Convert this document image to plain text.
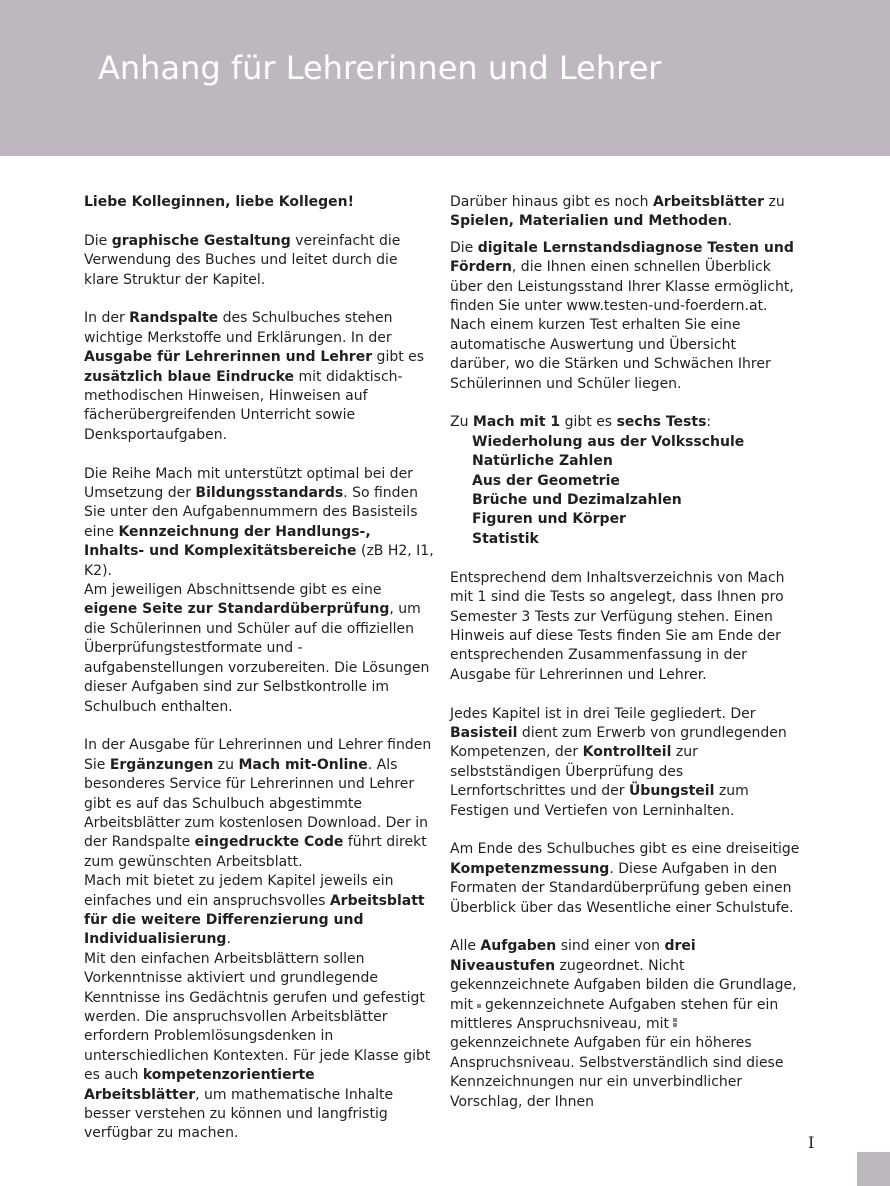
Anhang für Lehrerinnen und Lehrer

Liebe Kolleginnen, liebe Kollegen!

Die graphische Gestaltung vereinfacht die Verwendung des Buches und leitet durch die klare Struktur der Kapitel.

In der Randspalte des Schulbuches stehen wichtige Merkstoffe und Erklärungen. In der Ausgabe für Lehrerinnen und Lehrer gibt es zusätzlich blaue Eindrucke mit didaktisch-methodischen Hinweisen, Hinweisen auf fächerübergreifenden Unterricht sowie Denksportaufgaben.

Die Reihe Mach mit unterstützt optimal bei der Umsetzung der Bildungsstandards. So finden Sie unter den Aufgabennummern des Basisteils eine Kennzeichnung der Handlungs-, Inhalts- und Komplexitätsbereiche (zB H2, I1, K2).

Am jeweiligen Abschnittsende gibt es eine eigene Seite zur Standardüberprüfung, um die Schülerinnen und Schüler auf die offiziellen Überprüfungstestformate und -aufgabenstellungen vorzubereiten. Die Lösungen dieser Aufgaben sind zur Selbstkontrolle im Schulbuch enthalten.

In der Ausgabe für Lehrerinnen und Lehrer finden Sie Ergänzungen zu Mach mit-Online. Als besonderes Service für Lehrerinnen und Lehrer gibt es auf das Schulbuch abgestimmte Arbeitsblätter zum kostenlosen Download. Der in der Randspalte eingedruckte Code führt direkt zum gewünschten Arbeitsblatt.

Mach mit bietet zu jedem Kapitel jeweils ein einfaches und ein anspruchsvolles Arbeitsblatt für die weitere Differenzierung und Individualisierung.

Mit den einfachen Arbeitsblättern sollen Vorkenntnisse aktiviert und grundlegende Kenntnisse ins Gedächtnis gerufen und gefestigt werden. Die anspruchsvollen Arbeitsblätter erfordern Problemlösungsdenken in unterschiedlichen Kontexten. Für jede Klasse gibt es auch kompetenzorientierte Arbeitsblätter, um mathematische Inhalte besser verstehen zu können und langfristig verfügbar zu machen.

Darüber hinaus gibt es noch Arbeitsblätter zu Spielen, Materialien und Methoden.

Die digitale Lernstandsdiagnose Testen und Fördern, die Ihnen einen schnellen Überblick über den Leistungsstand Ihrer Klasse ermöglicht, finden Sie unter www.testen-und-foerdern.at. Nach einem kurzen Test erhalten Sie eine automatische Auswertung und Übersicht darüber, wo die Stärken und Schwächen Ihrer Schülerinnen und Schüler liegen.

Zu Mach mit 1 gibt es sechs Tests:

Wiederholung aus der Volksschule

Natürliche Zahlen

Aus der Geometrie

Brüche und Dezimalzahlen

Figuren und Körper

Statistik

Entsprechend dem Inhaltsverzeichnis von Mach mit 1 sind die Tests so angelegt, dass Ihnen pro Semester 3 Tests zur Verfügung stehen. Einen Hinweis auf diese Tests finden Sie am Ende der entsprechenden Zusammenfassung in der Ausgabe für Lehrerinnen und Lehrer.

Jedes Kapitel ist in drei Teile gegliedert. Der Basisteil dient zum Erwerb von grundlegenden Kompetenzen, der Kontrollteil zur selbstständigen Überprüfung des Lernfortschrittes und der Übungsteil zum Festigen und Vertiefen von Lerninhalten.

Am Ende des Schulbuches gibt es eine dreiseitige Kompetenzmessung. Diese Aufgaben in den Formaten der Standardüberprüfung geben einen Überblick über das Wesentliche einer Schulstufe.

Alle Aufgaben sind einer von drei Niveaustufen zugeordnet. Nicht gekennzeichnete Aufgaben bilden die Grundlage, mit gekennzeichnete Aufgaben stehen für ein mittleres Anspruchsniveau, mit
gekennzeichnete Aufgaben für ein höheres Anspruchsniveau. Selbstverständlich sind diese Kennzeichnungen nur ein unverbindlicher Vorschlag, der Ihnen

I
